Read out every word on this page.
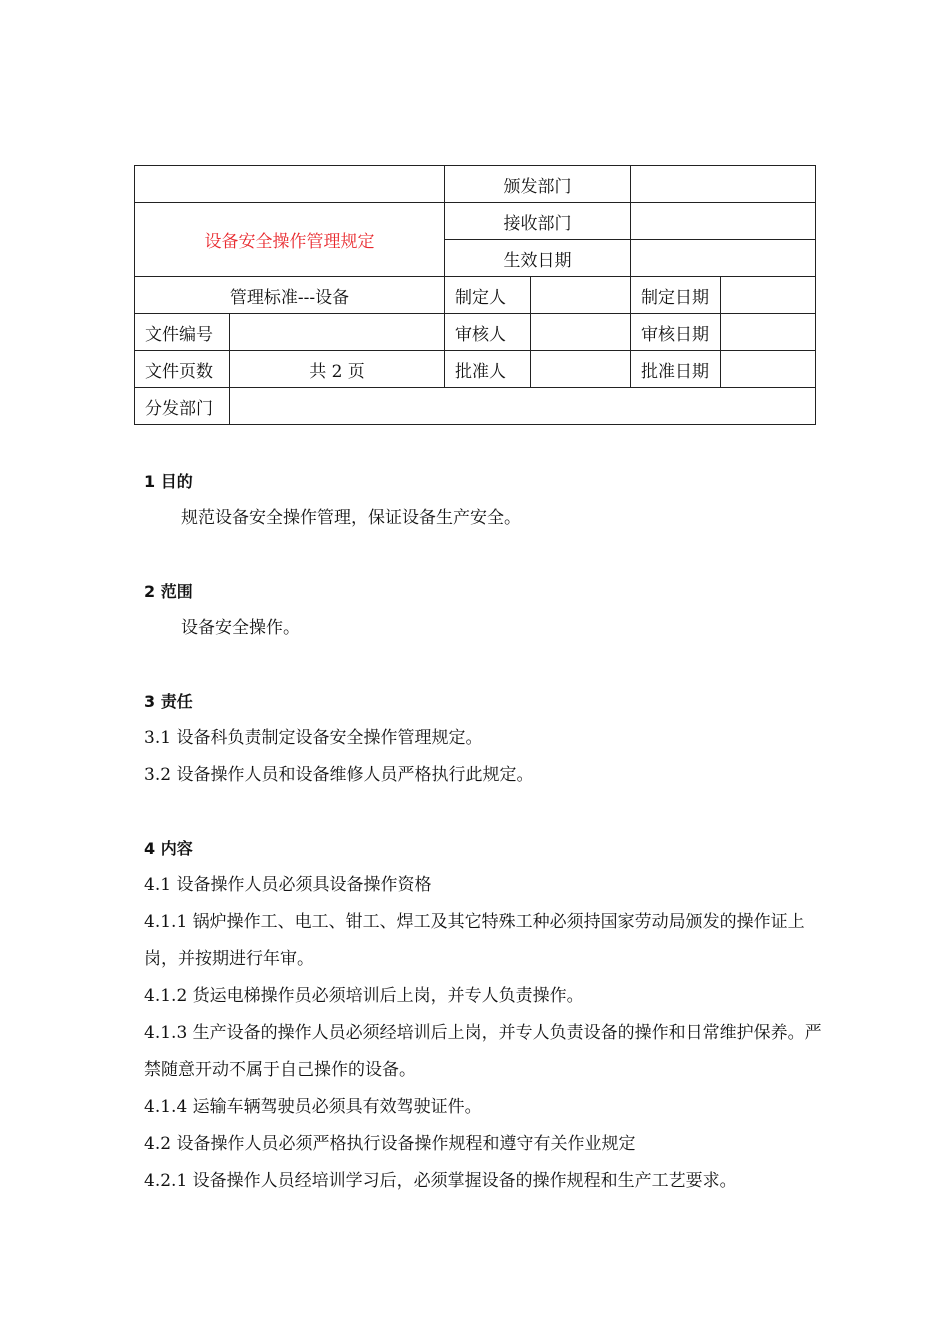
		颁发部门			
设备安全操作管理规定		接收部门			
		生效日期			
管理标准---设备		制定人		制定日期	
文件编号		审核人		审核日期	
文件页数	共 2 页	批准人		批准日期	
分发部门					
1 目的
规范设备安全操作管理，保证设备生产安全。
2 范围
设备安全操作。
3 责任
3.1 设备科负责制定设备安全操作管理规定。
3.2 设备操作人员和设备维修人员严格执行此规定。
4 内容
4.1 设备操作人员必须具设备操作资格
4.1.1 锅炉操作工、电工、钳工、焊工及其它特殊工种必须持国家劳动局颁发的操作证上岗，并按期进行年审。
4.1.2 货运电梯操作员必须培训后上岗，并专人负责操作。
4.1.3 生产设备的操作人员必须经培训后上岗，并专人负责设备的操作和日常维护保养。严禁随意开动不属于自己操作的设备。
4.1.4 运输车辆驾驶员必须具有效驾驶证件。
4.2 设备操作人员必须严格执行设备操作规程和遵守有关作业规定
4.2.1 设备操作人员经培训学习后，必须掌握设备的操作规程和生产工艺要求。
